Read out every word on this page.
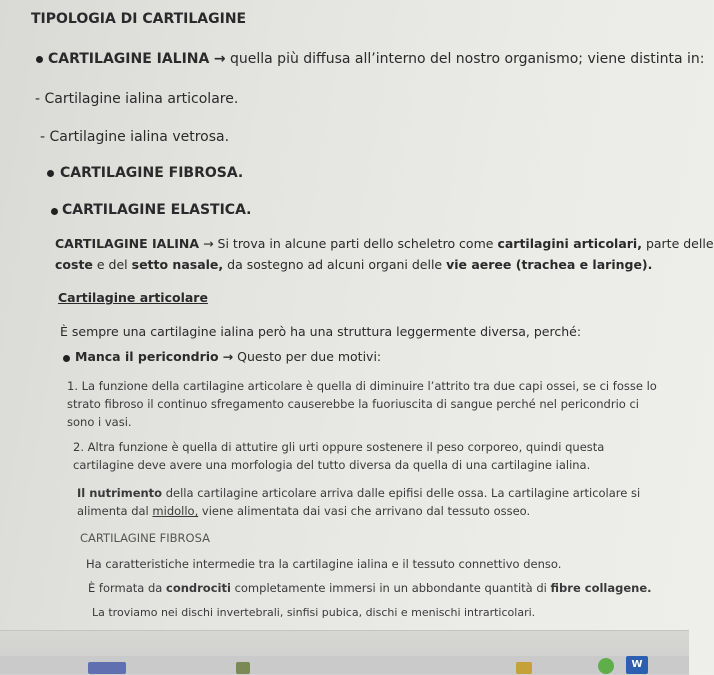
TIPOLOGIA DI CARTILAGINE
CARTILAGINE IALINA → quella più diffusa all’interno del nostro organismo; viene distinta in:
- Cartilagine ialina articolare.
- Cartilagine ialina vetrosa.
CARTILAGINE FIBROSA.
CARTILAGINE ELASTICA.
CARTILAGINE IALINA → Si trova in alcune parti dello scheletro come cartilagini articolari, parte delle
coste e del setto nasale, da sostegno ad alcuni organi delle vie aeree (trachea e laringe).
Cartilagine articolare
È sempre una cartilagine ialina però ha una struttura leggermente diversa, perché:
Manca il pericondrio → Questo per due motivi:
1. La funzione della cartilagine articolare è quella di diminuire l’attrito tra due capi ossei, se ci fosse lo
strato fibroso il continuo sfregamento causerebbe la fuoriuscita di sangue perché nel pericondrio ci
sono i vasi.
2. Altra funzione è quella di attutire gli urti oppure sostenere il peso corporeo, quindi questa
cartilagine deve avere una morfologia del tutto diversa da quella di una cartilagine ialina.
Il nutrimento della cartilagine articolare arriva dalle epifisi delle ossa. La cartilagine articolare si
alimenta dal midollo, viene alimentata dai vasi che arrivano dal tessuto osseo.
CARTILAGINE FIBROSA
Ha caratteristiche intermedie tra la cartilagine ialina e il tessuto connettivo denso.
È formata da condrociti completamente immersi in un abbondante quantità di fibre collagene.
La troviamo nei dischi invertebrali, sinfisi pubica, dischi e menischi intrarticolari.
W
